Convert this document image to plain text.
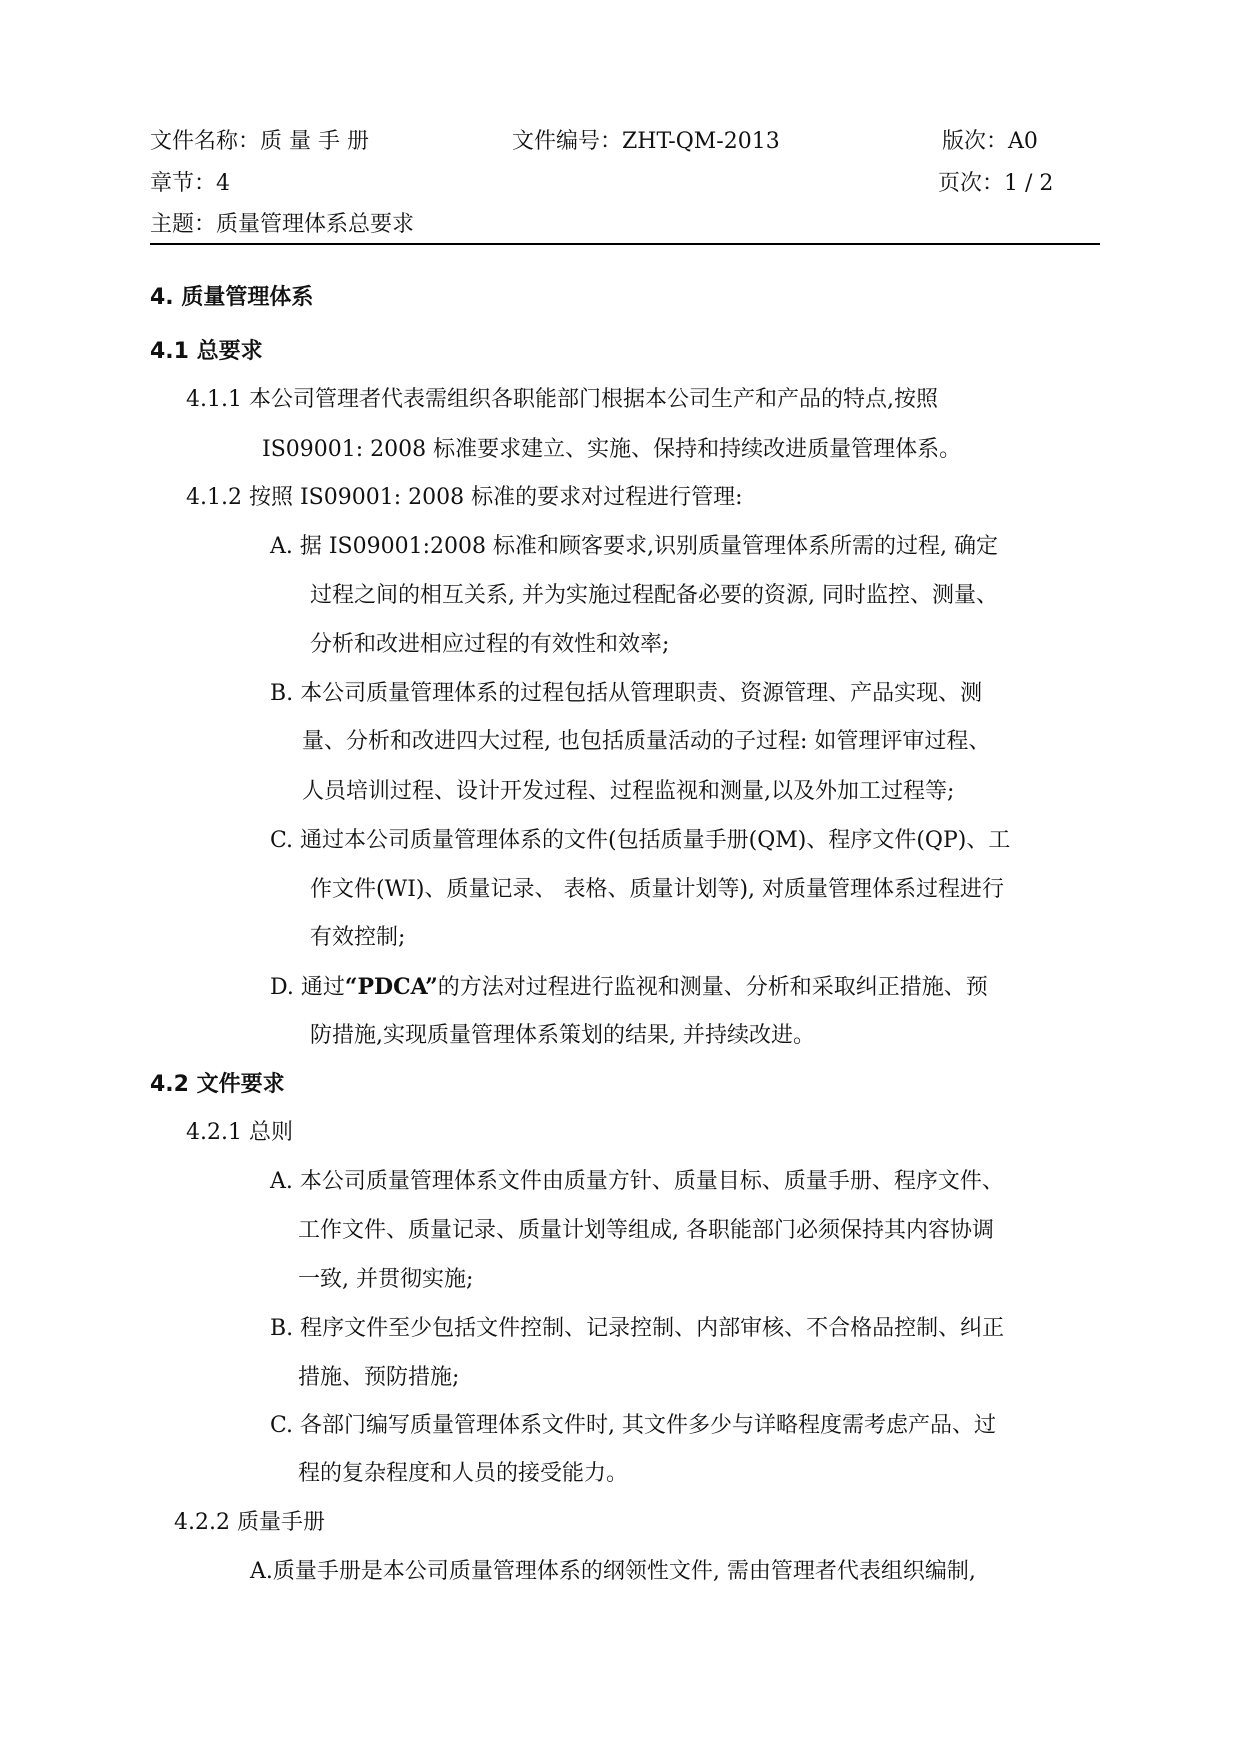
文件名称：质 量 手 册	文件编号：ZHT-QM-2013	版次：A0
章节：4	页次：1 / 2
主题：质量管理体系总要求
4. 质量管理体系
4.1 总要求
4.1.1 本公司管理者代表需组织各职能部门根据本公司生产和产品的特点,按照
IS09001: 2008 标准要求建立、实施、保持和持续改进质量管理体系。
4.1.2 按照 IS09001: 2008 标准的要求对过程进行管理:
A. 据 IS09001:2008 标准和顾客要求,识别质量管理体系所需的过程, 确定
过程之间的相互关系, 并为实施过程配备必要的资源, 同时监控、测量、
分析和改进相应过程的有效性和效率;
B. 本公司质量管理体系的过程包括从管理职责、资源管理、产品实现、测
量、分析和改进四大过程, 也包括质量活动的子过程: 如管理评审过程、
人员培训过程、设计开发过程、过程监视和测量,以及外加工过程等;
C. 通过本公司质量管理体系的文件(包括质量手册(QM)、程序文件(QP)、工
作文件(WI)、质量记录、 表格、质量计划等), 对质量管理体系过程进行
有效控制;
D. 通过“PDCA”的方法对过程进行监视和测量、分析和采取纠正措施、预
防措施,实现质量管理体系策划的结果, 并持续改进。
4.2 文件要求
4.2.1 总则
A. 本公司质量管理体系文件由质量方针、质量目标、质量手册、程序文件、
工作文件、质量记录、质量计划等组成, 各职能部门必须保持其内容协调
一致, 并贯彻实施;
B. 程序文件至少包括文件控制、记录控制、内部审核、不合格品控制、纠正
措施、预防措施;
C. 各部门编写质量管理体系文件时, 其文件多少与详略程度需考虑产品、过
程的复杂程度和人员的接受能力。
4.2.2 质量手册
A.质量手册是本公司质量管理体系的纲领性文件, 需由管理者代表组织编制,
